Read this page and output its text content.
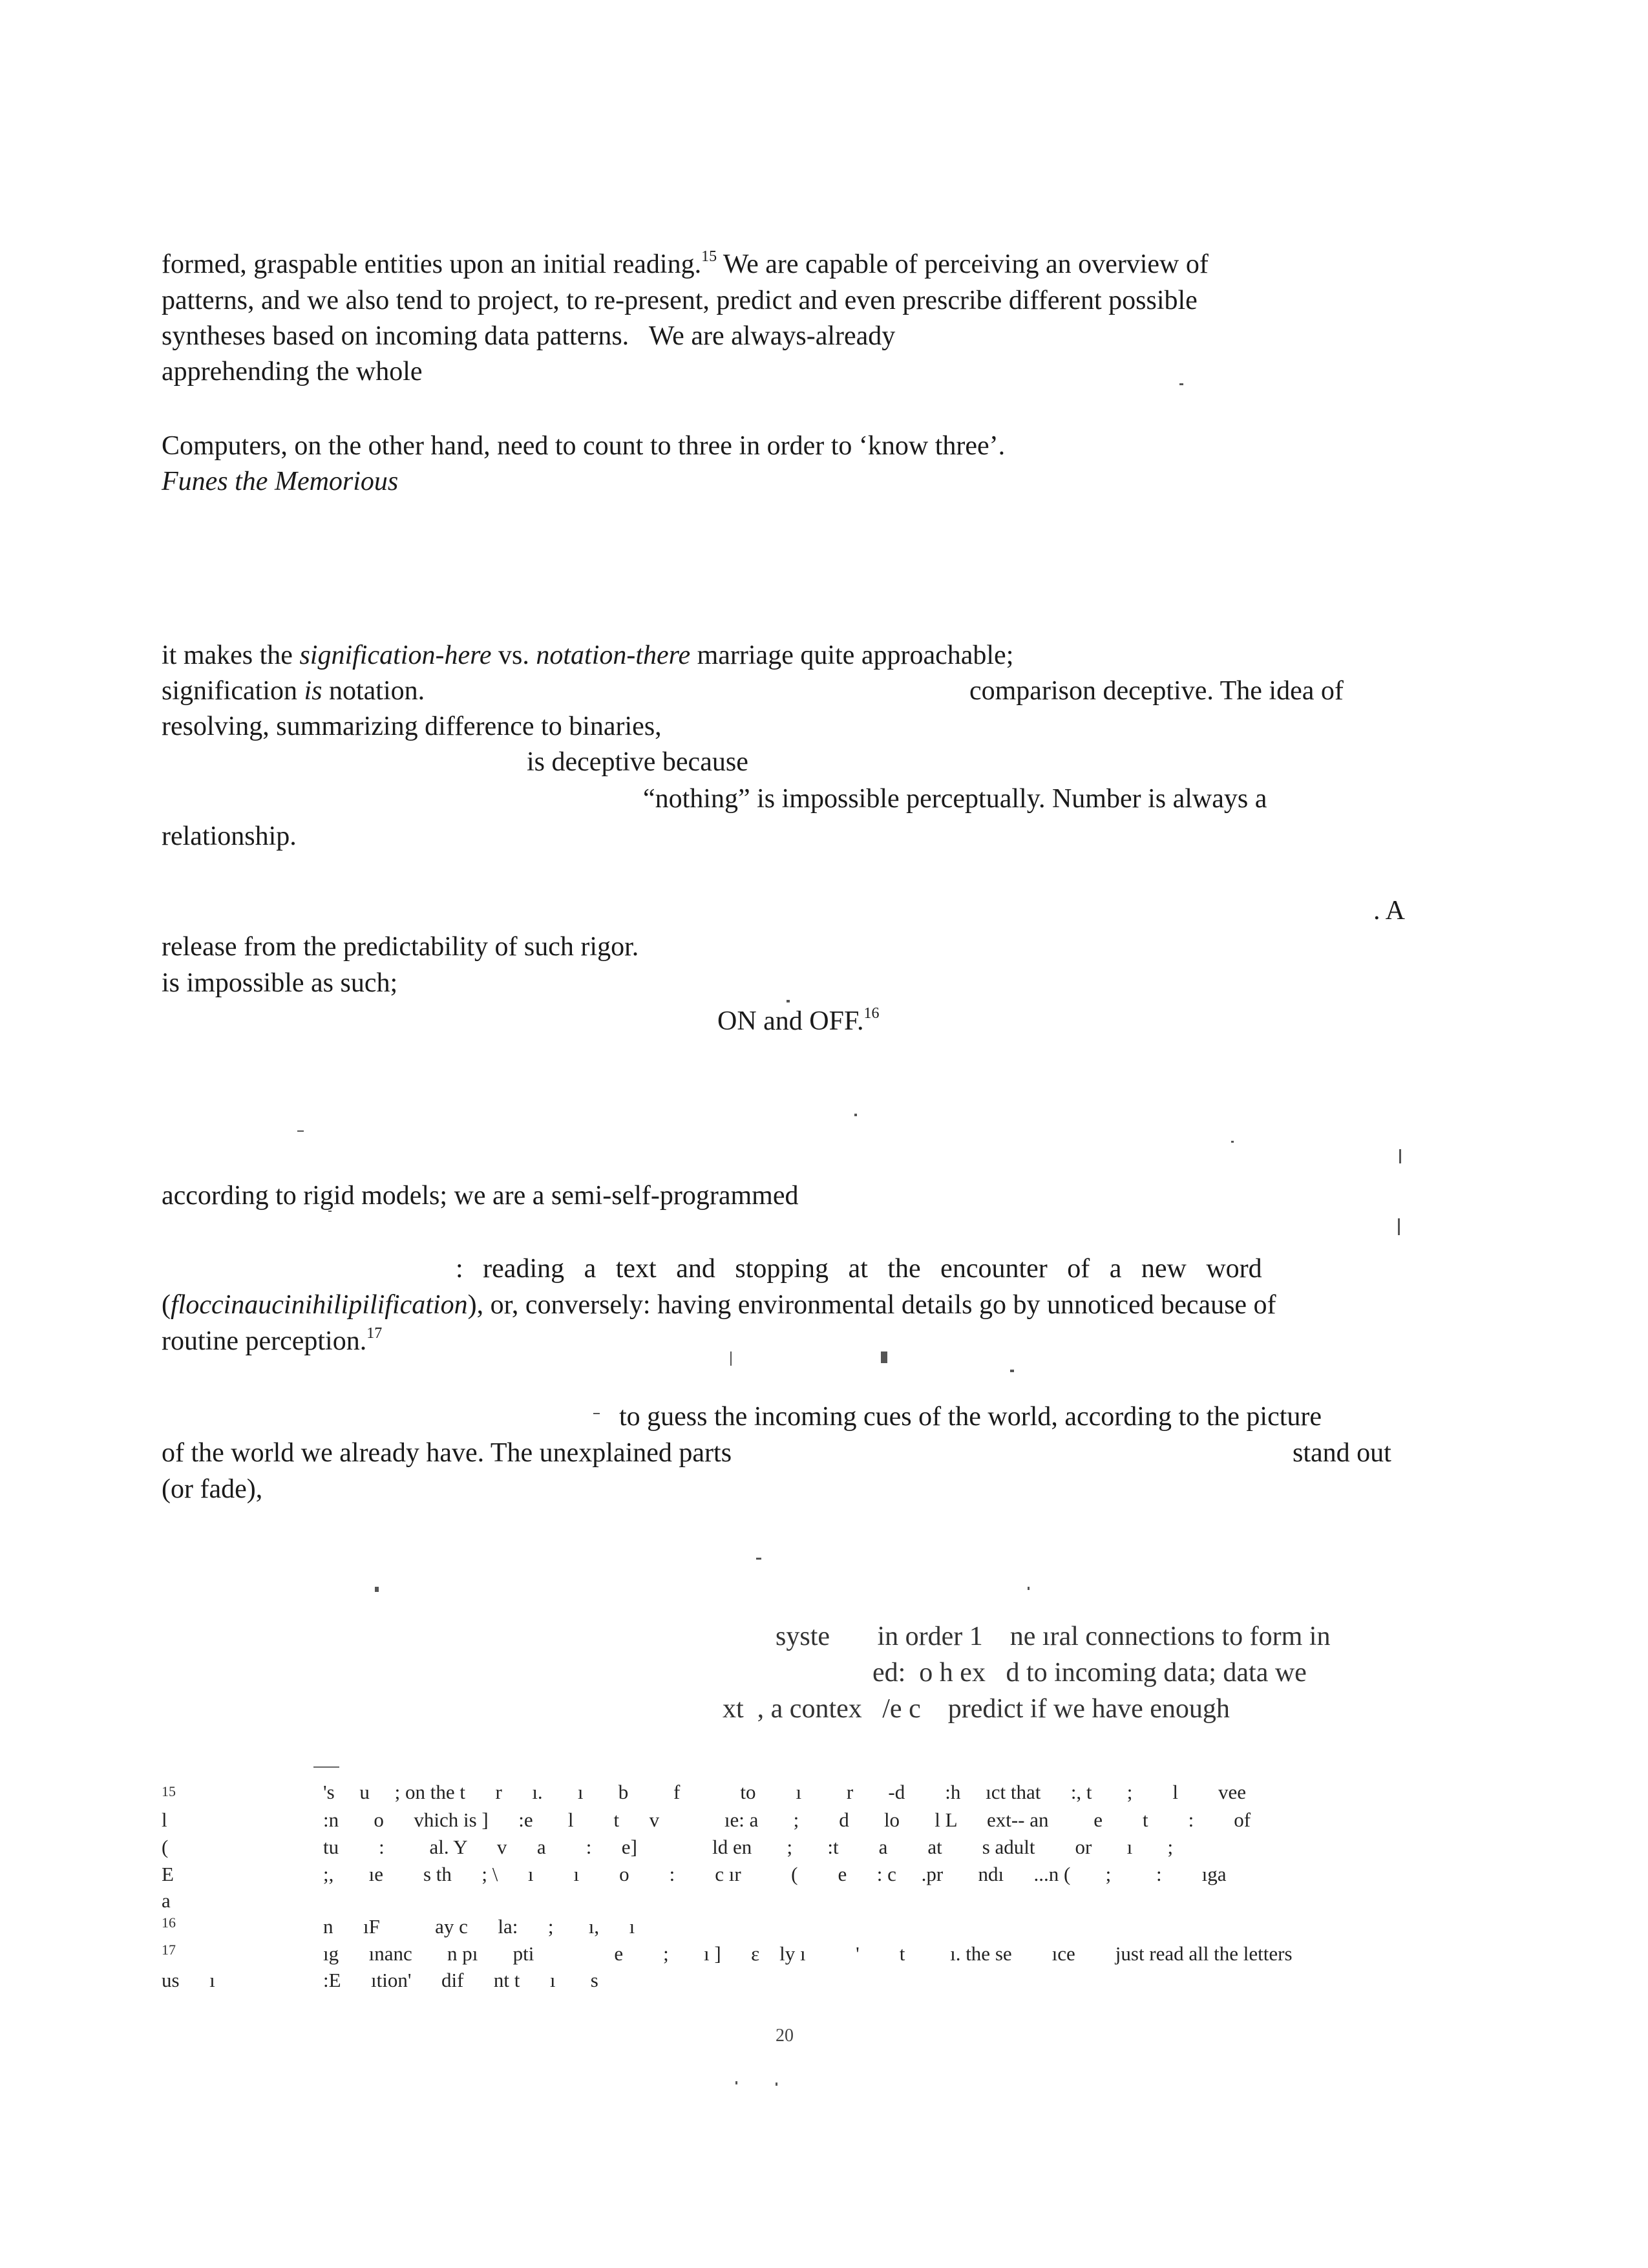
formed, graspable entities upon an initial reading.$^{15}$ We are capable of perceiving an overview of

patterns, and we also tend to project, to re-present, predict and even prescribe different possible

syntheses based on incoming data patterns.   We are always-already

apprehending the whole

Computers, on the other hand, need to count to three in order to ‘know three’.

Funes the Memorious

it makes the signification-here vs. notation-there marriage quite approachable;

signification is notation.	comparison deceptive. The idea of

resolving, summarizing difference to binaries,

is deceptive because

“nothing” is impossible perceptually. Number is always a

relationship.

. A

release from the predictability of such rigor.

is impossible as such;

ON and OFF.$^{16}$

according to rigid models; we are a semi-self-programmed

: reading a text and stopping at the encounter of a new word

(floccinaucinihilipilification), or, conversely: having environmental details go by unnoticed because of

routine perception.$^{17}$

to guess the incoming cues of the world, according to the picture

of the world we already have. The unexplained parts	stand out

(or fade),

syste       in order 1    ne ıral connections to form in

ed:  o h ex   d to incoming data; data we

xt  , a contex   /e c    predict if we have enough

15	's     u     ; on the t      r      ı.       ı       b         f            to        ı         r       -d        :h     ıct that      :, t       ;        l        vee

l	:n       o      vhich is ]      :e       l        t      v             ıe: a       ;        d       lo       l L      ext-- an         e        t        :        of

(	tu        :         al. Y      v      a        :      e]               ld en       ;       :t        a        at        s adult        or       ı       ;

E	;,       ıe        s th      ; \      ı        ı        o        :        c ır          (        e      : c     .pr       ndı      ...n (       ;         :        ıga

a

16	n      ıF           ay c      la:      ;       ı,      ı

17	ıg      ınanc       n pı       pti                e        ;       ı ]      ε    ly ı          '        t         ı. the se        ıce        just read all the letters

us      ı	:E      ıtion'      dif      nt t      ı       s

20
